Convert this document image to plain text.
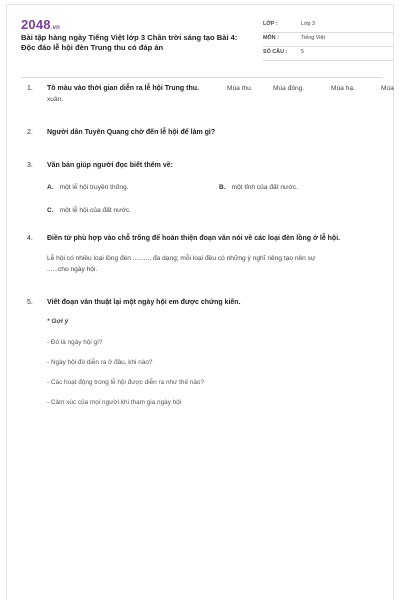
2048.vn
Bài tập hàng ngày Tiếng Việt lớp 3 Chân trời sáng tạo Bài 4: Độc đáo lễ hội đèn Trung thu có đáp án
LỚP :	Lớp 3
MÔN :	Tiếng Việt
SỐ CÂU :	5
1.	Tô màu vào thời gian diễn ra lễ hội Trung thu.	Mùa thu.	Mùa đông.	Mùa hạ.	Mùa
xuân.
2.	Người dân Tuyên Quang chờ đến lễ hội để làm gì?
3.	Văn bản giúp người đọc biết thêm về:
A. một lễ hội truyền thống.	B. một tỉnh của đất nước.
C. một lễ hội của đất nước.
4.	Điền từ phù hợp vào chỗ trống để hoàn thiện đoạn văn nói về các loại đèn lồng ở lễ hội.
Lễ hội có nhiều loại lồng đèn ........., đa dạng; mỗi loại đều có những ý nghĩ riêng tạo nên sự
......cho ngày hội.
5.	Viết đoạn văn thuật lại một ngày hội em được chứng kiến.
* Gợi ý
- Đó là ngày hội gì?
- Ngày hội đó diễn ra ở đâu, khi nào?
- Các hoạt động trong lễ hội được diễn ra như thế nào?
- Cảm xúc của mọi người khi tham gia ngày hội
